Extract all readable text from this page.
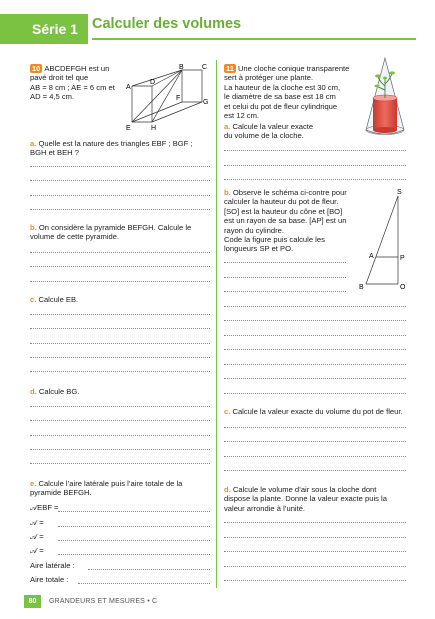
Série 1 Calculer des volumes
10 ABCDEFGH est un
pavé droit tel que
AB = 8 cm ; AE = 6 cm et
AD = 4,5 cm.
A
B	C
D
E
F
G
H
a. Quelle est la nature des triangles EBF ; BGF ;
BGH et BEH ?
b. On considère la pyramide BEFGH. Calcule le
volume de cette pyramide.
c. Calcule EB.
d. Calcule BG.
e. Calcule l’aire latérale puis l’aire totale de la
pyramide BEFGH.
𝒜EBF =
𝒜 =
𝒜 =
𝒜 =
Aire latérale :
Aire totale :
11 Une cloche conique transparente
sert à protéger une plante.
La hauteur de la cloche est 30 cm,
le diamètre de sa base est 18 cm
et celui du pot de fleur cylindrique
est 12 cm.
a. Calcule la valeur exacte
du volume de la cloche.
b. Observe le schéma ci-contre pour
calculer la hauteur du pot de fleur.
[SO] est la hauteur du cône et [BO]
est un rayon de sa base. [AP] est un
rayon du cylindre.
Code la figure puis calcule les
longueurs SP et PO.
S
A	P
B	O
c. Calcule la valeur exacte du volume du pot de fleur.
d. Calcule le volume d’air sous la cloche dont
dispose la plante. Donne la valeur exacte puis la
valeur arrondie à l’unité.
80	GRANDEURS ET MESURES • C
